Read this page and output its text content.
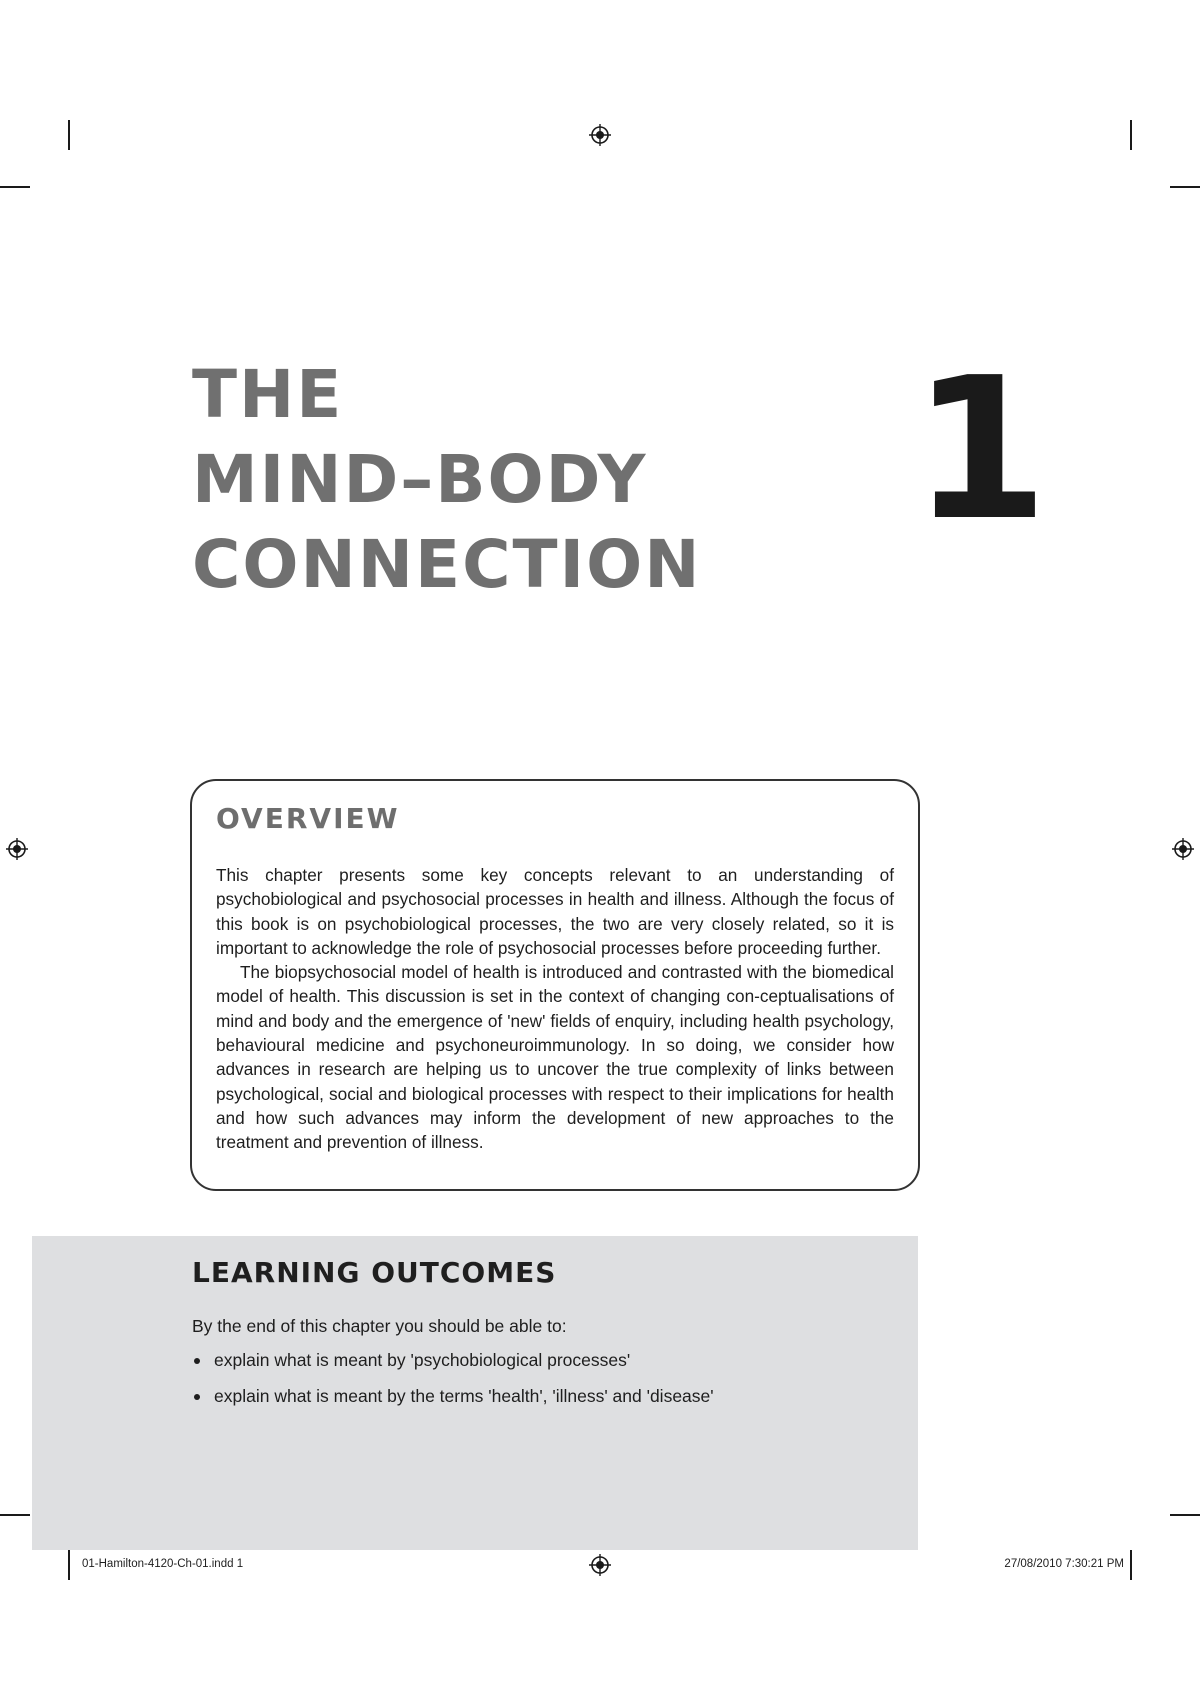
THE
MIND–BODY
CONNECTION
1
OVERVIEW

This chapter presents some key concepts relevant to an understanding of psychobiological and psychosocial processes in health and illness. Although the focus of this book is on psychobiological processes, the two are very closely related, so it is important to acknowledge the role of psychosocial processes before proceeding further.

The biopsychosocial model of health is introduced and contrasted with the biomedical model of health. This discussion is set in the context of changing con-ceptualisations of mind and body and the emergence of 'new' fields of enquiry, including health psychology, behavioural medicine and psychoneuroimmunology. In so doing, we consider how advances in research are helping us to uncover the true complexity of links between psychological, social and biological processes with respect to their implications for health and how such advances may inform the development of new approaches to the treatment and prevention of illness.

LEARNING OUTCOMES

By the end of this chapter you should be able to:

explain what is meant by 'psychobiological processes'
explain what is meant by the terms 'health', 'illness' and 'disease'
01-Hamilton-4120-Ch-01.indd 1	27/08/2010 7:30:21 PM
